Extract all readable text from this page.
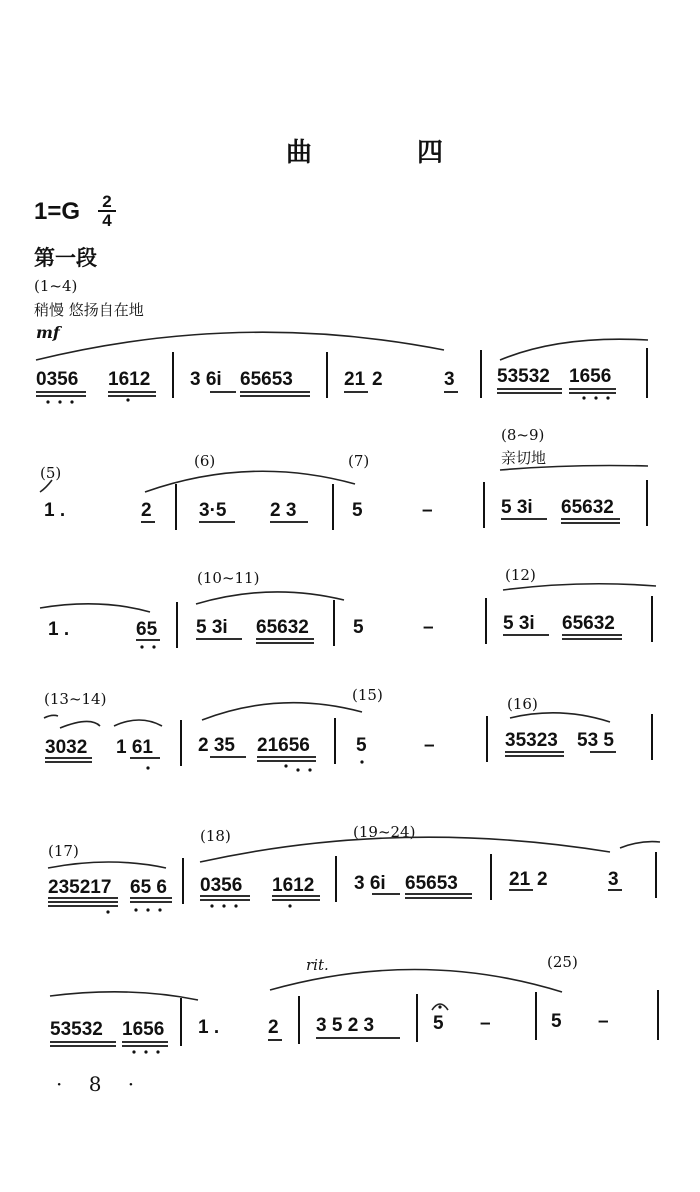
曲 四
$1=G \frac{2}{4}$
第一段
(1~4)
稍慢 悠扬自在地
mf
(5)
(6)	(7)
(8~9)
亲切地
(10~11)	(12)
(13~14)	(15)	(16)
(17)
(18)	(19~24)
(25)
rit.
0356 1612 3 6i 65653	21 2	3 53532 1656
1 .	2 3·5 2 3	5	–	5 3i 65632
1 .	65 5 3i 65632 5	–	5 3i 65632
3032 1 61 2 35 21656 5	–	35323 53 5
235217 65 6 0356 1612 3 6i 65653	21 2	3
53532 1656 1 .	2 3 5 2 3	5 –	5 –
· 8 ·
